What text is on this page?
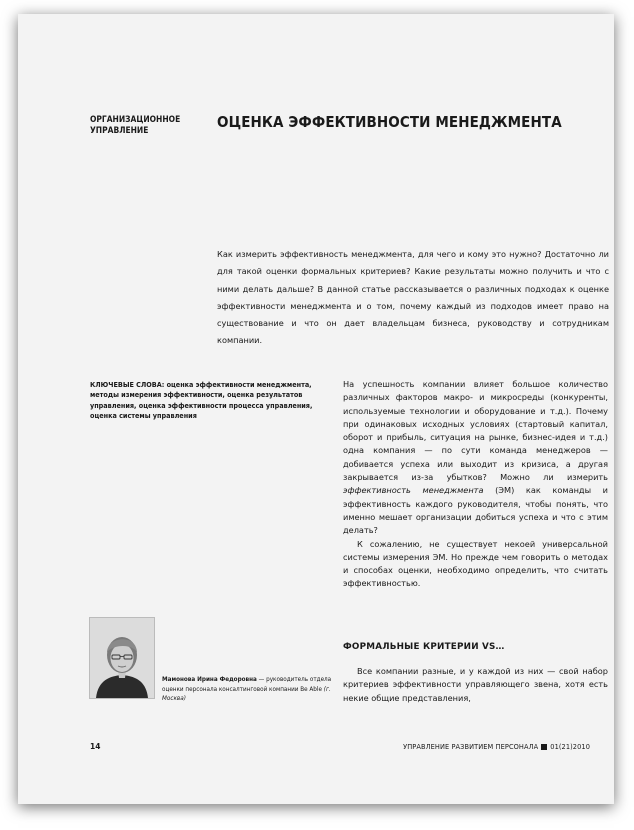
ОРГАНИЗАЦИОННОЕ УПРАВЛЕНИЕ	ОЦЕНКА ЭФФЕКТИВНОСТИ МЕНЕДЖМЕНТА
Как измерить эффективность менеджмента, для чего и кому это нужно? Достаточно ли для такой оценки формальных критериев? Какие результаты можно получить и что с ними делать дальше? В данной статье рассказывается о различных подходах к оценке эффективности менеджмента и о том, почему каждый из подходов имеет право на существование и что он дает владельцам бизнеса, руководству и сотрудникам компании.
КЛЮЧЕВЫЕ СЛОВА: оценка эффективности менеджмента, методы измерения эффективности, оценка результатов управления, оценка эффективности процесса управления, оценка системы управления

На успешность компании влияет большое количество различных факторов макро- и микросреды (конкуренты, используемые технологии и оборудование и т.д.). Почему при одинаковых исходных условиях (стартовый капитал, оборот и прибыль, ситуация на рынке, бизнес-идея и т.д.) одна компания — по сути команда менеджеров — добивается успеха или выходит из кризиса, а другая закрывается из-за убытков? Можно ли измерить эффективность менеджмента (ЭМ) как команды и эффективность каждого руководителя, чтобы понять, что именно мешает организации добиться успеха и что с этим делать?

К сожалению, не существует некоей универсальной системы измерения ЭМ. Но прежде чем говорить о методах и способах оценки, необходимо определить, что считать эффективностью.

ФОРМАЛЬНЫЕ КРИТЕРИИ VS…
Все компании разные, и у каждой из них — свой набор критериев эффективности управляющего звена, хотя есть некие общие представления,
Мамонова Ирина Федоровна — руководитель отдела оценки персонала консалтинговой компании Be Able (г. Москва)
14	УПРАВЛЕНИЕ РАЗВИТИЕМ ПЕРСОНАЛА 01(21)2010
